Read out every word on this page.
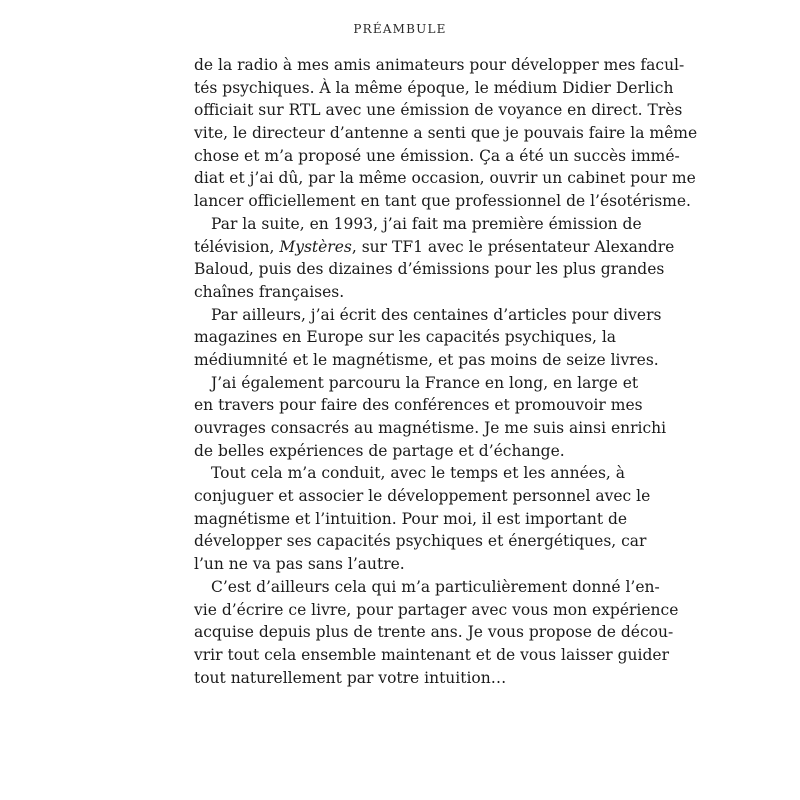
PRÉAMBULE
de la radio à mes amis animateurs pour développer mes facul-
tés psychiques. À la même époque, le médium Didier Derlich
officiait sur RTL avec une émission de voyance en direct. Très
vite, le directeur d’antenne a senti que je pouvais faire la même
chose et m’a proposé une émission. Ça a été un succès immé-
diat et j’ai dû, par la même occasion, ouvrir un cabinet pour me
lancer officiellement en tant que professionnel de l’ésotérisme.
Par la suite, en 1993, j’ai fait ma première émission de
télévision, Mystères, sur TF1 avec le présentateur Alexandre
Baloud, puis des dizaines d’émissions pour les plus grandes
chaînes françaises.
Par ailleurs, j’ai écrit des centaines d’articles pour divers
magazines en Europe sur les capacités psychiques, la
médiumnité et le magnétisme, et pas moins de seize livres.
J’ai également parcouru la France en long, en large et
en travers pour faire des conférences et promouvoir mes
ouvrages consacrés au magnétisme. Je me suis ainsi enrichi
de belles expériences de partage et d’échange.
Tout cela m’a conduit, avec le temps et les années, à
conjuguer et associer le développement personnel avec le
magnétisme et l’intuition. Pour moi, il est important de
développer ses capacités psychiques et énergétiques, car
l’un ne va pas sans l’autre.
C’est d’ailleurs cela qui m’a particulièrement donné l’en-
vie d’écrire ce livre, pour partager avec vous mon expérience
acquise depuis plus de trente ans. Je vous propose de décou-
vrir tout cela ensemble maintenant et de vous laisser guider
tout naturellement par votre intuition…
